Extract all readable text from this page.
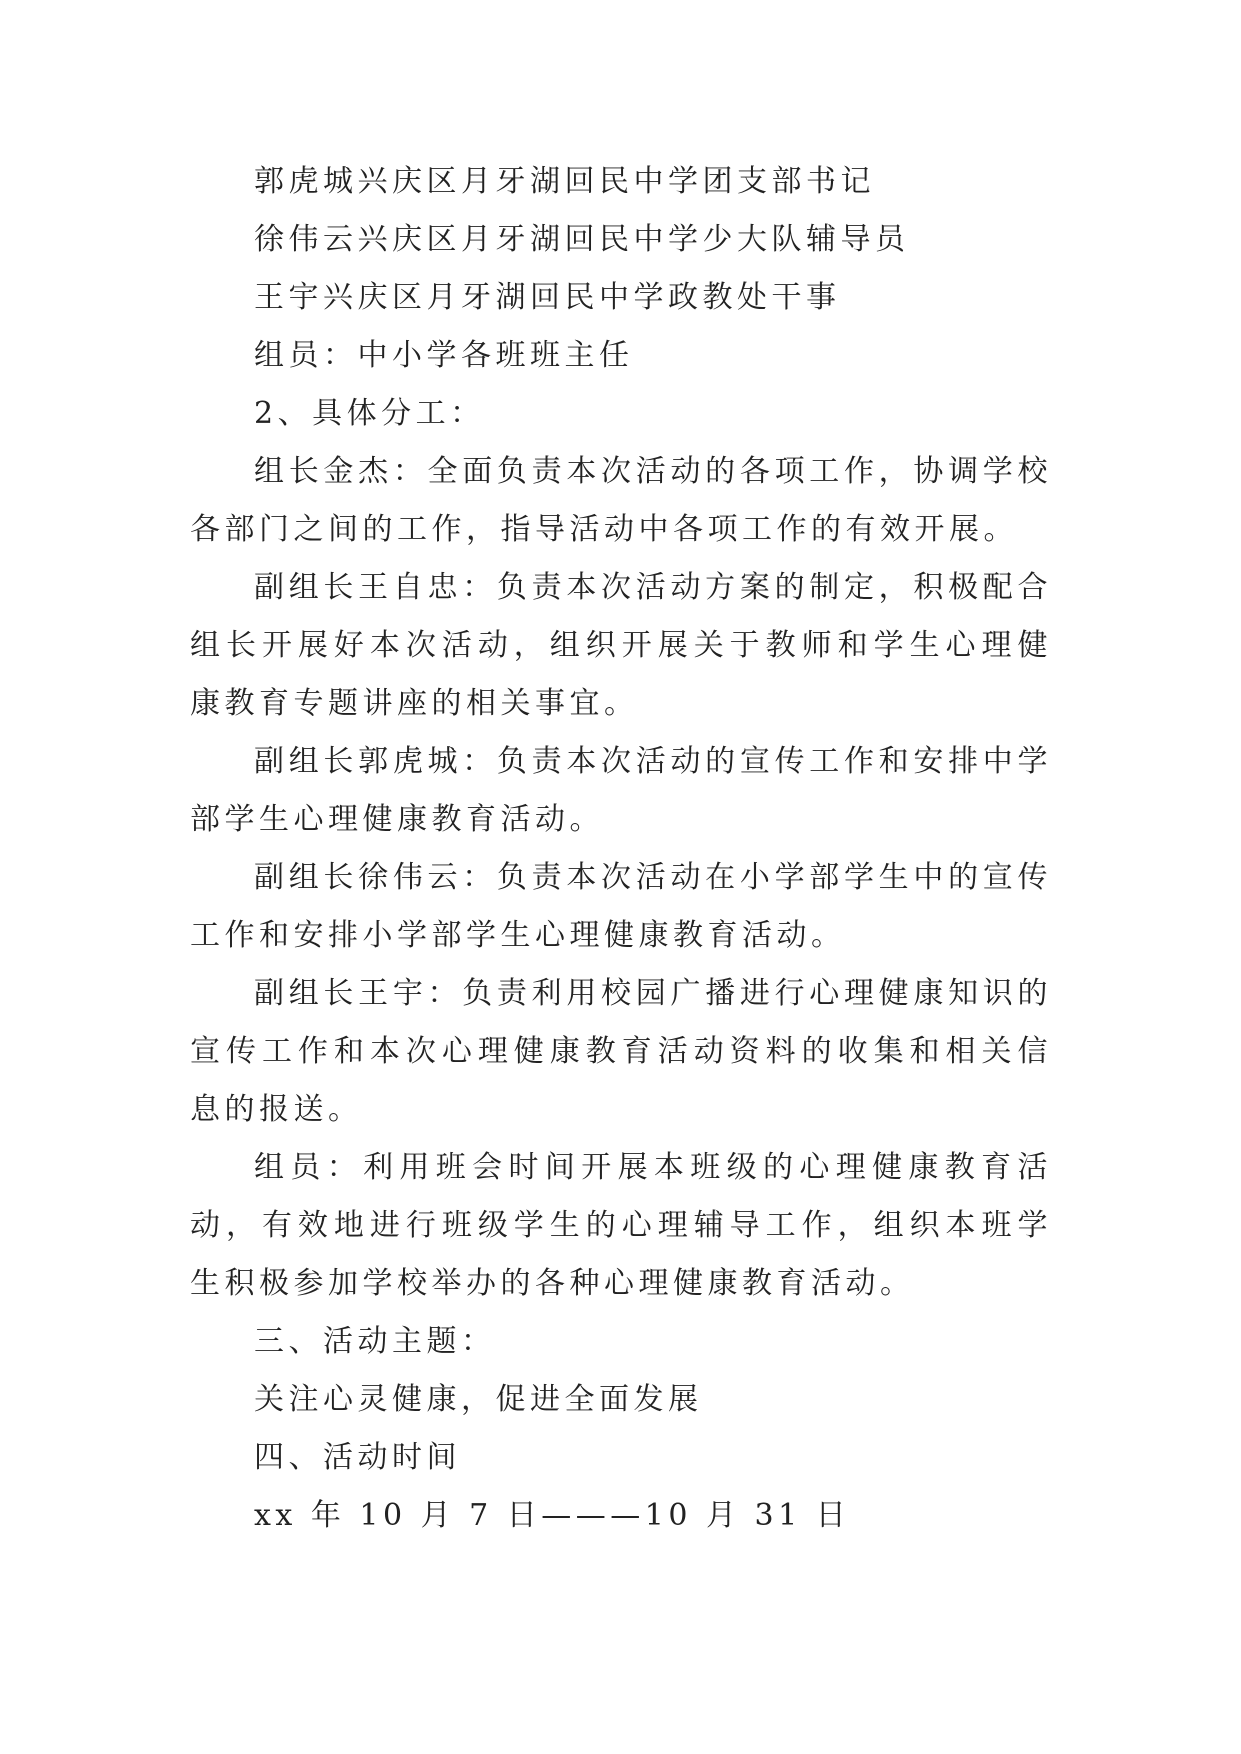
郭虎城兴庆区月牙湖回民中学团支部书记

徐伟云兴庆区月牙湖回民中学少大队辅导员

王宇兴庆区月牙湖回民中学政教处干事

组员：中小学各班班主任

2、具体分工：

组长金杰：全面负责本次活动的各项工作，协调学校各部门之间的工作，指导活动中各项工作的有效开展。

副组长王自忠：负责本次活动方案的制定，积极配合组长开展好本次活动，组织开展关于教师和学生心理健康教育专题讲座的相关事宜。

副组长郭虎城：负责本次活动的宣传工作和安排中学部学生心理健康教育活动。

副组长徐伟云：负责本次活动在小学部学生中的宣传工作和安排小学部学生心理健康教育活动。

副组长王宇：负责利用校园广播进行心理健康知识的宣传工作和本次心理健康教育活动资料的收集和相关信息的报送。

组员：利用班会时间开展本班级的心理健康教育活动，有效地进行班级学生的心理辅导工作，组织本班学生积极参加学校举办的各种心理健康教育活动。

三、活动主题：

关注心灵健康，促进全面发展

四、活动时间

xx 年 10 月 7 日———10 月 31 日
